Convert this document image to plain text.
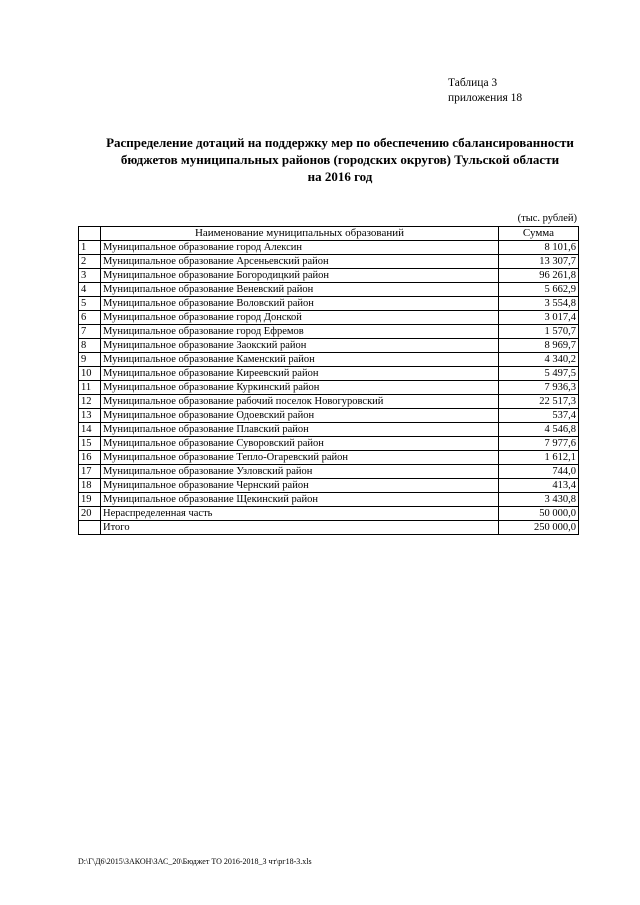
Таблица 3
приложения 18
Распределение дотаций на поддержку мер по обеспечению сбалансированности
бюджетов муниципальных районов (городских округов) Тульской области
на 2016 год
(тыс. рублей)
	Наименование муниципальных образований	Сумма
1	Муниципальное образование город Алексин	8 101,6
2	Муниципальное образование Арсеньевский район	13 307,7
3	Муниципальное образование Богородицкий район	96 261,8
4	Муниципальное образование Веневский район	5 662,9
5	Муниципальное образование Воловский район	3 554,8
6	Муниципальное образование город Донской	3 017,4
7	Муниципальное образование город Ефремов	1 570,7
8	Муниципальное образование Заокский район	8 969,7
9	Муниципальное образование Каменский район	4 340,2
10	Муниципальное образование Киреевский район	5 497,5
11	Муниципальное образование Куркинский район	7 936,3
12	Муниципальное образование рабочий поселок Новогуровский	22 517,3
13	Муниципальное образование Одоевский район	537,4
14	Муниципальное образование Плавский район	4 546,8
15	Муниципальное образование Суворовский район	7 977,6
16	Муниципальное образование Тепло-Огаревский район	1 612,1
17	Муниципальное образование Узловский район	744,0
18	Муниципальное образование Чернский район	413,4
19	Муниципальное образование Щекинский район	3 430,8
20	Нераспределенная часть	50 000,0
	Итого	250 000,0
D:\Г\Д6\2015\ЗАКОН\ЗАС_20\Бюджет ТО 2016-2018_3 чт\рг18-3.xls
